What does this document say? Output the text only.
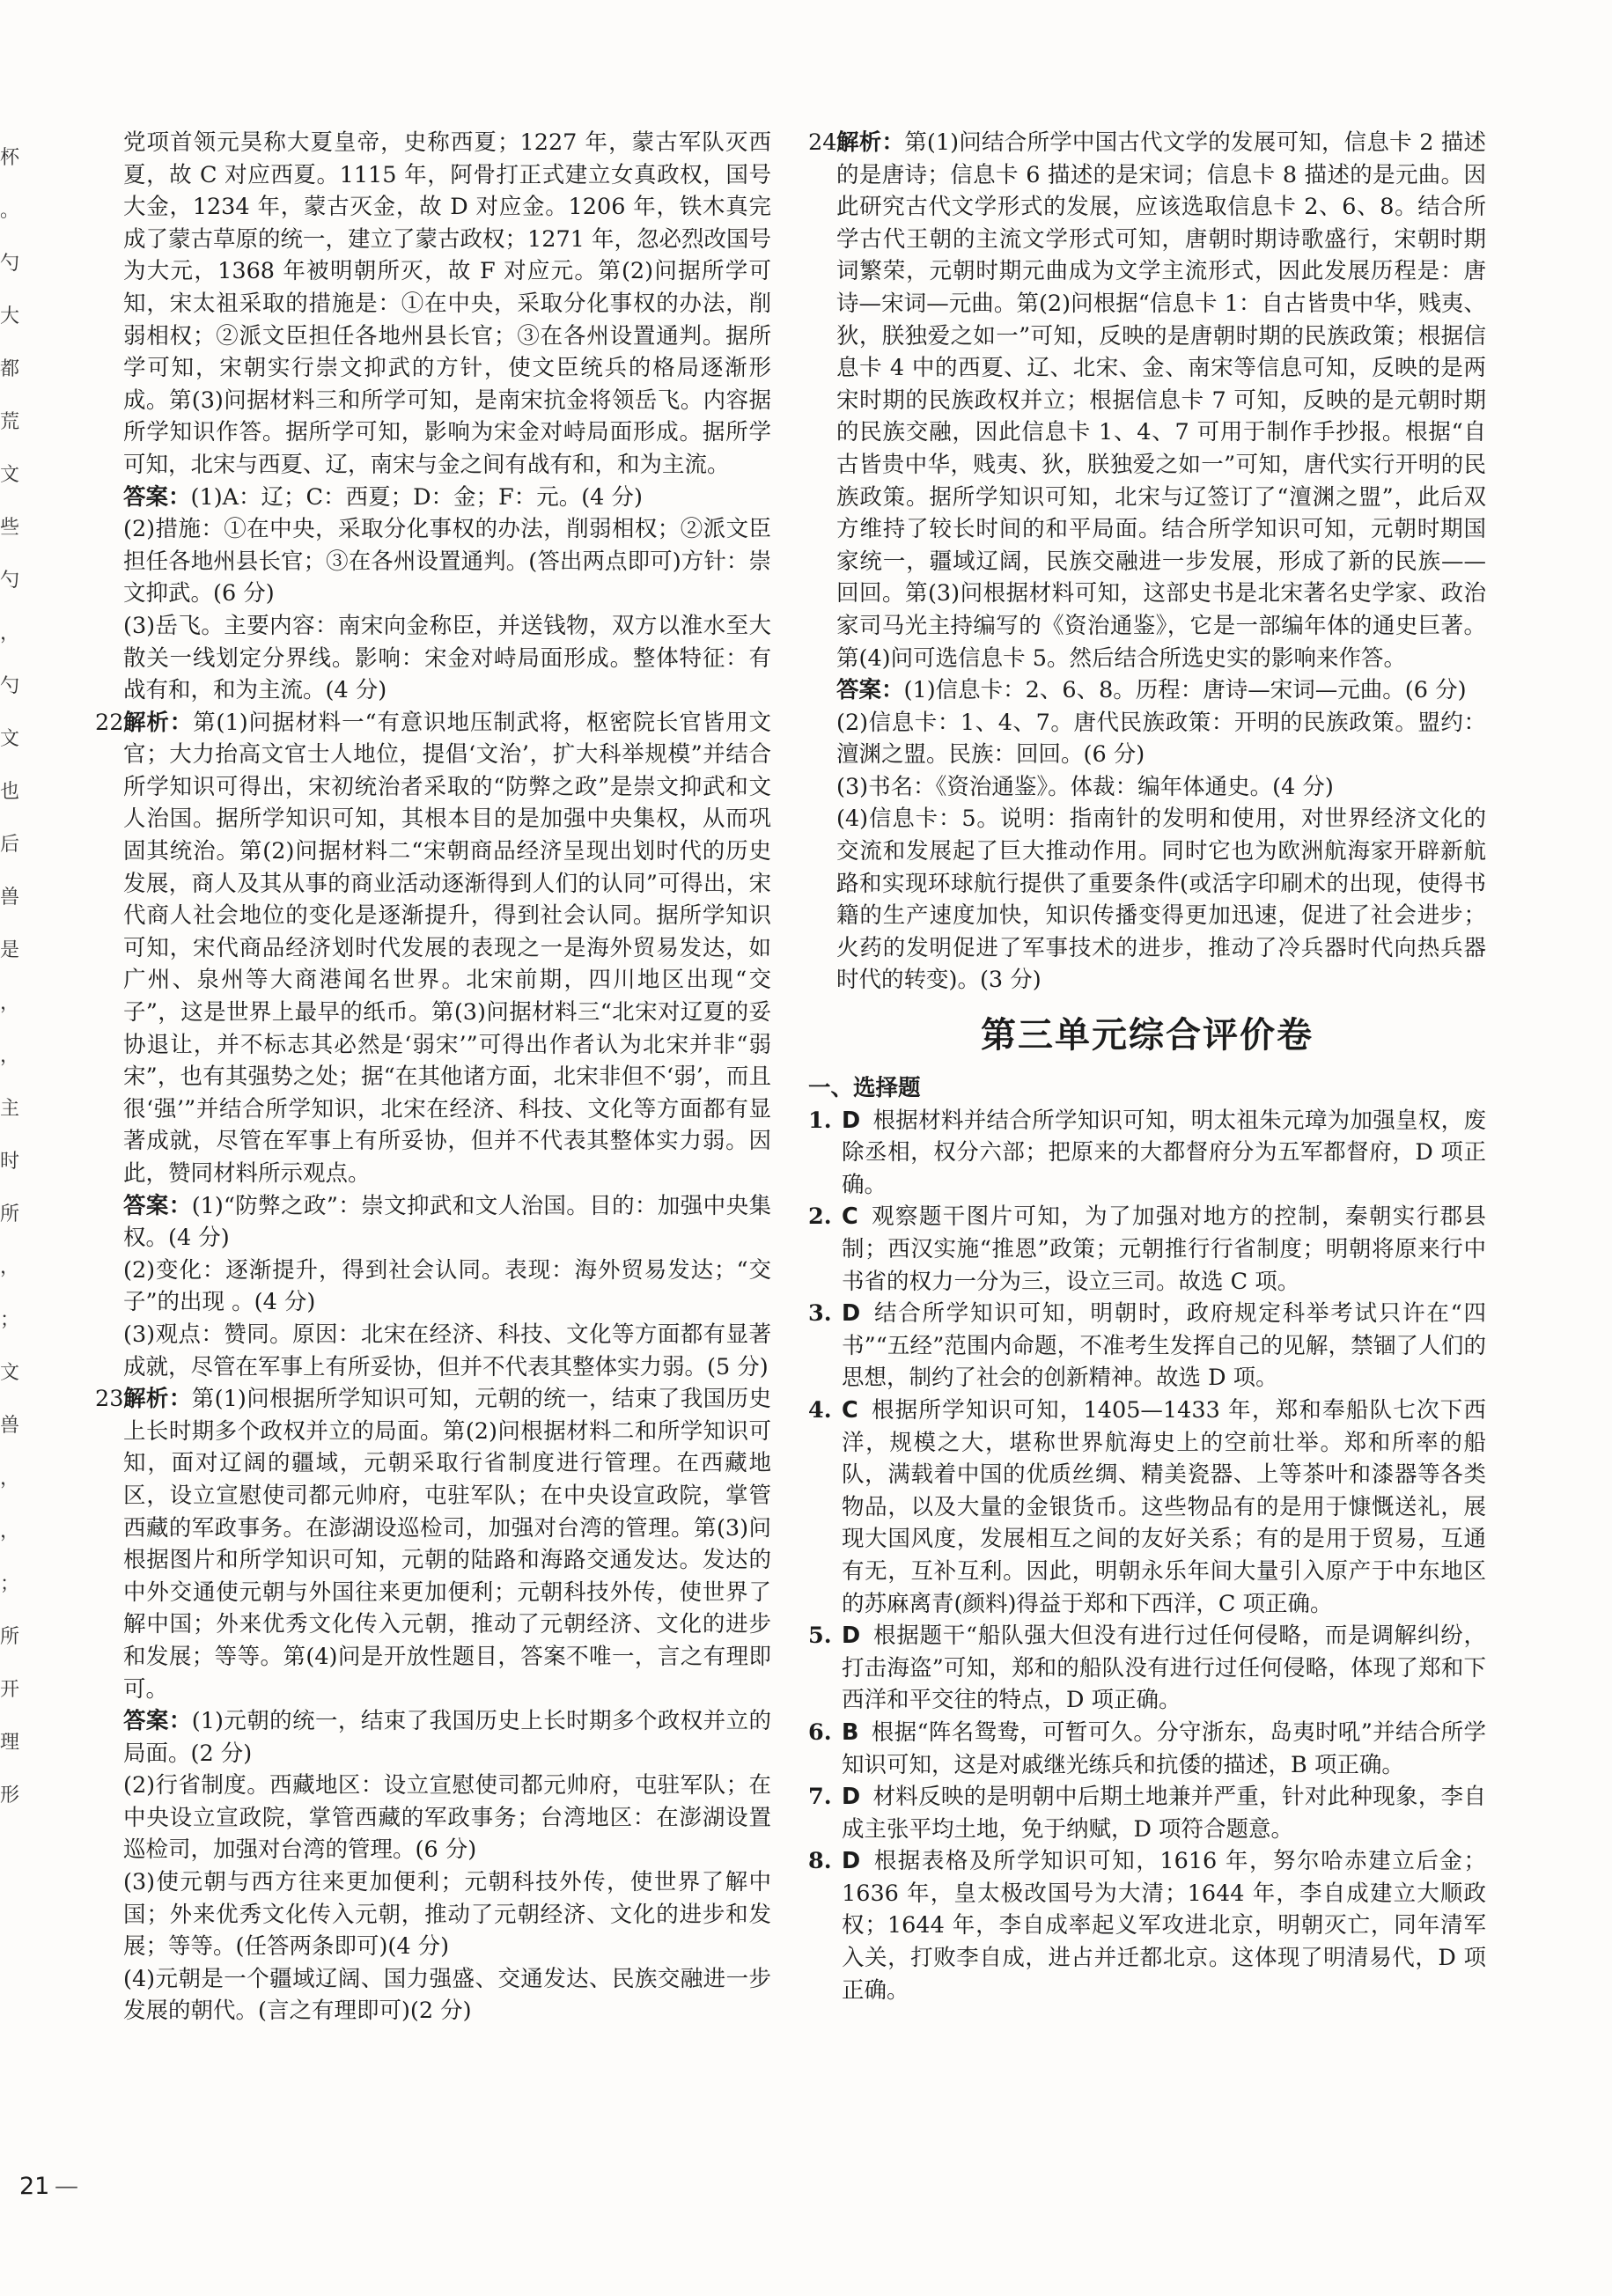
杯
。
勺
大
都
荒
文
些
勺
，
勺
文
也
后
兽
是
，
，
主
时
所
，
；
文
兽
，
，
；
所
开
理
形

党项首领元昊称大夏皇帝，史称西夏；1227 年，蒙古军队灭西夏，故 C 对应西夏。1115 年，阿骨打正式建立女真政权，国号大金，1234 年，蒙古灭金，故 D 对应金。1206 年，铁木真完成了蒙古草原的统一，建立了蒙古政权；1271 年，忽必烈改国号为大元，1368 年被明朝所灭，故 F 对应元。第(2)问据所学可知，宋太祖采取的措施是：①在中央，采取分化事权的办法，削弱相权；②派文臣担任各地州县长官；③在各州设置通判。据所学可知，宋朝实行崇文抑武的方针，使文臣统兵的格局逐渐形成。第(3)问据材料三和所学可知，是南宋抗金将领岳飞。内容据所学知识作答。据所学可知，影响为宋金对峙局面形成。据所学可知，北宋与西夏、辽，南宋与金之间有战有和，和为主流。

答案：(1)A：辽；C：西夏；D：金；F：元。(4 分)

(2)措施：①在中央，采取分化事权的办法，削弱相权；②派文臣担任各地州县长官；③在各州设置通判。(答出两点即可)方针：崇文抑武。(6 分)

(3)岳飞。主要内容：南宋向金称臣，并送钱物，双方以淮水至大散关一线划定分界线。影响：宋金对峙局面形成。整体特征：有战有和，和为主流。(4 分)

22.

解析：第(1)问据材料一“有意识地压制武将，枢密院长官皆用文官；大力抬高文官士人地位，提倡‘文治’，扩大科举规模”并结合所学知识可得出，宋初统治者采取的“防弊之政”是崇文抑武和文人治国。据所学知识可知，其根本目的是加强中央集权，从而巩固其统治。第(2)问据材料二“宋朝商品经济呈现出划时代的历史发展，商人及其从事的商业活动逐渐得到人们的认同”可得出，宋代商人社会地位的变化是逐渐提升，得到社会认同。据所学知识可知，宋代商品经济划时代发展的表现之一是海外贸易发达，如广州、泉州等大商港闻名世界。北宋前期，四川地区出现“交子”，这是世界上最早的纸币。第(3)问据材料三“北宋对辽夏的妥协退让，并不标志其必然是‘弱宋’”可得出作者认为北宋并非“弱宋”，也有其强势之处；据“在其他诸方面，北宋非但不‘弱’，而且很‘强’”并结合所学知识，北宋在经济、科技、文化等方面都有显著成就，尽管在军事上有所妥协，但并不代表其整体实力弱。因此，赞同材料所示观点。

答案：(1)“防弊之政”：崇文抑武和文人治国。目的：加强中央集权。(4 分)

(2)变化：逐渐提升，得到社会认同。表现：海外贸易发达；“交子”的出现 。(4 分)

(3)观点：赞同。原因：北宋在经济、科技、文化等方面都有显著成就，尽管在军事上有所妥协，但并不代表其整体实力弱。(5 分)

23.

解析：第(1)问根据所学知识可知，元朝的统一，结束了我国历史上长时期多个政权并立的局面。第(2)问根据材料二和所学知识可知，面对辽阔的疆域，元朝采取行省制度进行管理。在西藏地区，设立宣慰使司都元帅府，屯驻军队；在中央设宣政院，掌管西藏的军政事务。在澎湖设巡检司，加强对台湾的管理。第(3)问根据图片和所学知识可知，元朝的陆路和海路交通发达。发达的中外交通使元朝与外国往来更加便利；元朝科技外传，使世界了解中国；外来优秀文化传入元朝，推动了元朝经济、文化的进步和发展；等等。第(4)问是开放性题目，答案不唯一，言之有理即可。

答案：(1)元朝的统一，结束了我国历史上长时期多个政权并立的局面。(2 分)

(2)行省制度。西藏地区：设立宣慰使司都元帅府，屯驻军队；在中央设立宣政院，掌管西藏的军政事务；台湾地区：在澎湖设置巡检司，加强对台湾的管理。(6 分)

(3)使元朝与西方往来更加便利；元朝科技外传，使世界了解中国；外来优秀文化传入元朝，推动了元朝经济、文化的进步和发展；等等。(任答两条即可)(4 分)

(4)元朝是一个疆域辽阔、国力强盛、交通发达、民族交融进一步发展的朝代。(言之有理即可)(2 分)

24.

解析：第(1)问结合所学中国古代文学的发展可知，信息卡 2 描述的是唐诗；信息卡 6 描述的是宋词；信息卡 8 描述的是元曲。因此研究古代文学形式的发展，应该选取信息卡 2、6、8。结合所学古代王朝的主流文学形式可知，唐朝时期诗歌盛行，宋朝时期词繁荣，元朝时期元曲成为文学主流形式，因此发展历程是：唐诗—宋词—元曲。第(2)问根据“信息卡 1：自古皆贵中华，贱夷、狄，朕独爱之如一”可知，反映的是唐朝时期的民族政策；根据信息卡 4 中的西夏、辽、北宋、金、南宋等信息可知，反映的是两宋时期的民族政权并立；根据信息卡 7 可知，反映的是元朝时期的民族交融，因此信息卡 1、4、7 可用于制作手抄报。根据“自古皆贵中华，贱夷、狄，朕独爱之如一”可知，唐代实行开明的民族政策。据所学知识可知，北宋与辽签订了“澶渊之盟”，此后双方维持了较长时间的和平局面。结合所学知识可知，元朝时期国家统一，疆域辽阔，民族交融进一步发展，形成了新的民族——回回。第(3)问根据材料可知，这部史书是北宋著名史学家、政治家司马光主持编写的《资治通鉴》，它是一部编年体的通史巨著。第(4)问可选信息卡 5。然后结合所选史实的影响来作答。

答案：(1)信息卡：2、6、8。历程：唐诗—宋词—元曲。(6 分)

(2)信息卡：1、4、7。唐代民族政策：开明的民族政策。盟约：澶渊之盟。民族：回回。(6 分)

(3)书名：《资治通鉴》。体裁：编年体通史。(4 分)

(4)信息卡：5。说明：指南针的发明和使用，对世界经济文化的交流和发展起了巨大推动作用。同时它也为欧洲航海家开辟新航路和实现环球航行提供了重要条件(或活字印刷术的出现，使得书籍的生产速度加快，知识传播变得更加迅速，促进了社会进步；火药的发明促进了军事技术的进步，推动了冷兵器时代向热兵器时代的转变)。(3 分)

第三单元综合评价卷

一、选择题

1. D 根据材料并结合所学知识可知，明太祖朱元璋为加强皇权，废除丞相，权分六部；把原来的大都督府分为五军都督府，D 项正确。
2. C 观察题干图片可知，为了加强对地方的控制，秦朝实行郡县制；西汉实施“推恩”政策；元朝推行行省制度；明朝将原来行中书省的权力一分为三，设立三司。故选 C 项。
3. D 结合所学知识可知，明朝时，政府规定科举考试只许在“四书”“五经”范围内命题，不准考生发挥自己的见解，禁锢了人们的思想，制约了社会的创新精神。故选 D 项。
4. C 根据所学知识可知，1405—1433 年，郑和奉船队七次下西洋，规模之大，堪称世界航海史上的空前壮举。郑和所率的船队，满载着中国的优质丝绸、精美瓷器、上等茶叶和漆器等各类物品，以及大量的金银货币。这些物品有的是用于慷慨送礼，展现大国风度，发展相互之间的友好关系；有的是用于贸易，互通有无，互补互利。因此，明朝永乐年间大量引入原产于中东地区的苏麻离青(颜料)得益于郑和下西洋，C 项正确。
5. D 根据题干“船队强大但没有进行过任何侵略，而是调解纠纷，打击海盗”可知，郑和的船队没有进行过任何侵略，体现了郑和下西洋和平交往的特点，D 项正确。
6. B 根据“阵名鸳鸯，可暂可久。分守浙东，岛夷时吼”并结合所学知识可知，这是对戚继光练兵和抗倭的描述，B 项正确。
7. D 材料反映的是明朝中后期土地兼并严重，针对此种现象，李自成主张平均土地，免于纳赋，D 项符合题意。
8. D 根据表格及所学知识可知，1616 年，努尔哈赤建立后金；1636 年，皇太极改国号为大清；1644 年，李自成建立大顺政权；1644 年，李自成率起义军攻进北京，明朝灭亡，同年清军入关，打败李自成，进占并迁都北京。这体现了明清易代，D 项正确。
21 —
